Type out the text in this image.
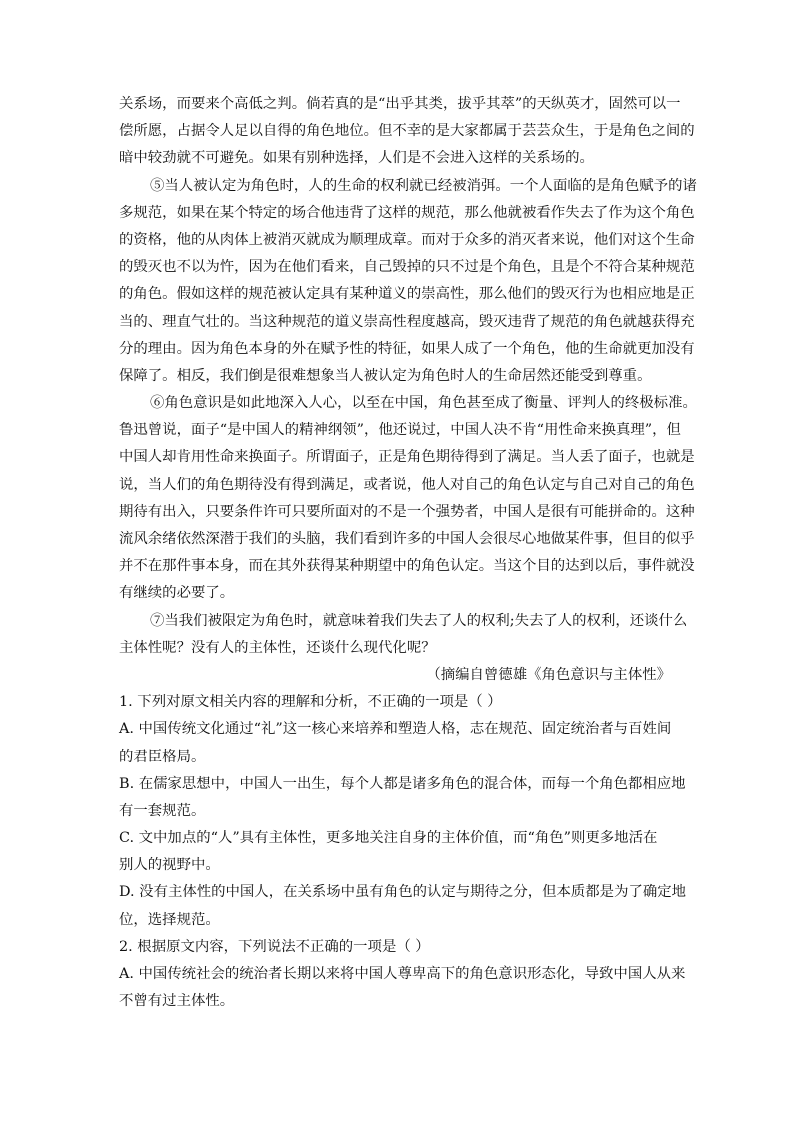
关系场，而要来个高低之判。倘若真的是“出乎其类，拔乎其萃”的天纵英才，固然可以一
偿所愿，占据令人足以自得的角色地位。但不幸的是大家都属于芸芸众生，于是角色之间的
暗中较劲就不可避免。如果有别种选择，人们是不会进入这样的关系场的。
⑤当人被认定为角色时，人的生命的权利就已经被消弭。一个人面临的是角色赋予的诸
多规范，如果在某个特定的场合他违背了这样的规范，那么他就被看作失去了作为这个角色
的资格，他的从肉体上被消灭就成为顺理成章。而对于众多的消灭者来说，他们对这个生命
的毁灭也不以为忤，因为在他们看来，自己毁掉的只不过是个角色，且是个不符合某种规范
的角色。假如这样的规范被认定具有某种道义的崇高性，那么他们的毁灭行为也相应地是正
当的、理直气壮的。当这种规范的道义崇高性程度越高，毁灭违背了规范的角色就越获得充
分的理由。因为角色本身的外在赋予性的特征，如果人成了一个角色，他的生命就更加没有
保障了。相反，我们倒是很难想象当人被认定为角色时人的生命居然还能受到尊重。
⑥角色意识是如此地深入人心，以至在中国，角色甚至成了衡量、评判人的终极标准。
鲁迅曾说，面子“是中国人的精神纲领”，他还说过，中国人决不肯“用性命来换真理”，但
中国人却肯用性命来换面子。所谓面子，正是角色期待得到了满足。当人丢了面子，也就是
说，当人们的角色期待没有得到满足，或者说，他人对自己的角色认定与自己对自己的角色
期待有出入，只要条件许可只要所面对的不是一个强势者，中国人是很有可能拼命的。这种
流风余绪依然深潜于我们的头脑，我们看到许多的中国人会很尽心地做某件事，但目的似乎
并不在那件事本身，而在其外获得某种期望中的角色认定。当这个目的达到以后，事件就没
有继续的必要了。
⑦当我们被限定为角色时，就意味着我们失去了人的权利;失去了人的权利，还谈什么
主体性呢？没有人的主体性，还谈什么现代化呢？
（摘编自曾德雄《角色意识与主体性》
1. 下列对原文相关内容的理解和分析，不正确的一项是（ ）
A. 中国传统文化通过“礼”这一核心来培养和塑造人格，志在规范、固定统治者与百姓间
的君臣格局。
B. 在儒家思想中，中国人一出生，每个人都是诸多角色的混合体，而每一个角色都相应地
有一套规范。
C. 文中加点的“人”具有主体性，更多地关注自身的主体价值，而“角色”则更多地活在
别人的视野中。
D. 没有主体性的中国人，在关系场中虽有角色的认定与期待之分，但本质都是为了确定地
位，选择规范。
2. 根据原文内容，下列说法不正确的一项是（ ）
A. 中国传统社会的统治者长期以来将中国人尊卑高下的角色意识形态化，导致中国人从来
不曾有过主体性。
